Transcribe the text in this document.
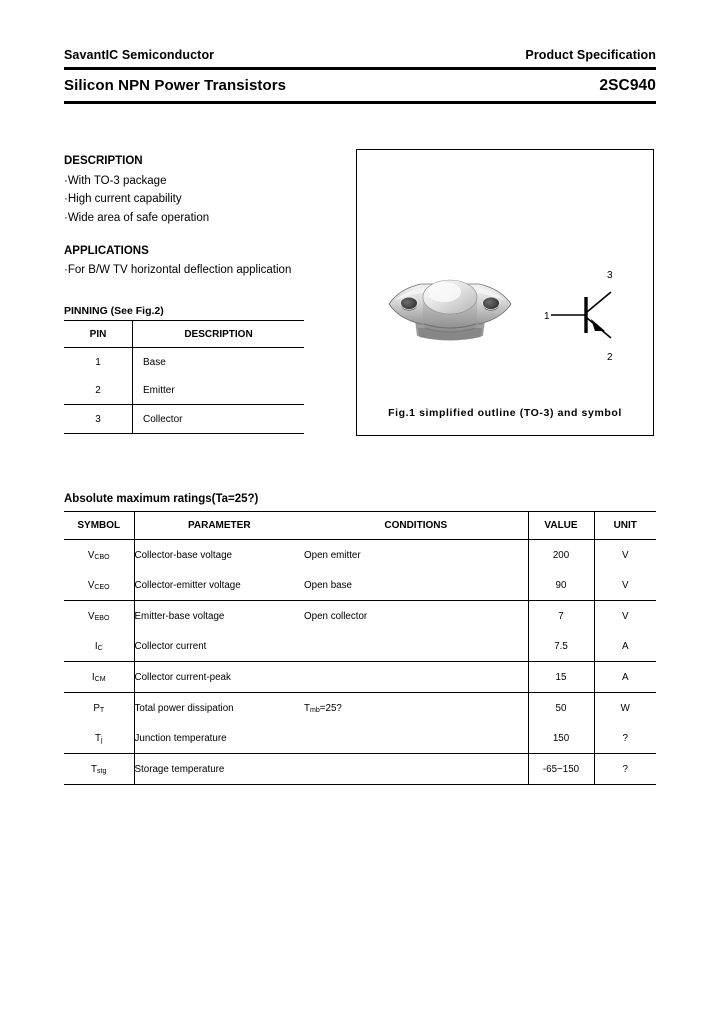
SavantIC Semiconductor	Product Specification
Silicon NPN Power Transistors	2SC940
DESCRIPTION
·With TO-3 package
·High current capability
·Wide area of safe operation
APPLICATIONS
·For B/W TV horizontal deflection application
PINNING (See Fig.2)
PIN	DESCRIPTION
1	Base
2	Emitter
3	Collector
1
3
2
Fig.1 simplified outline (TO-3) and symbol
Absolute maximum ratings(Ta=25?)
SYMBOL	PARAMETER	CONDITIONS	VALUE	UNIT
$V_{CBO}$	Collector-base voltage	Open emitter	200	V
$V_{CEO}$	Collector-emitter voltage	Open base	90	V
$V_{EBO}$	Emitter-base voltage	Open collector	7	V
$I_C$	Collector current		7.5	A
$I_{CM}$	Collector current-peak		15	A
$P_T$	Total power dissipation	$T_{mb}=25$?	50	W
$T_j$	Junction temperature		150	?
$T_{stg}$	Storage temperature		-65~150	?
